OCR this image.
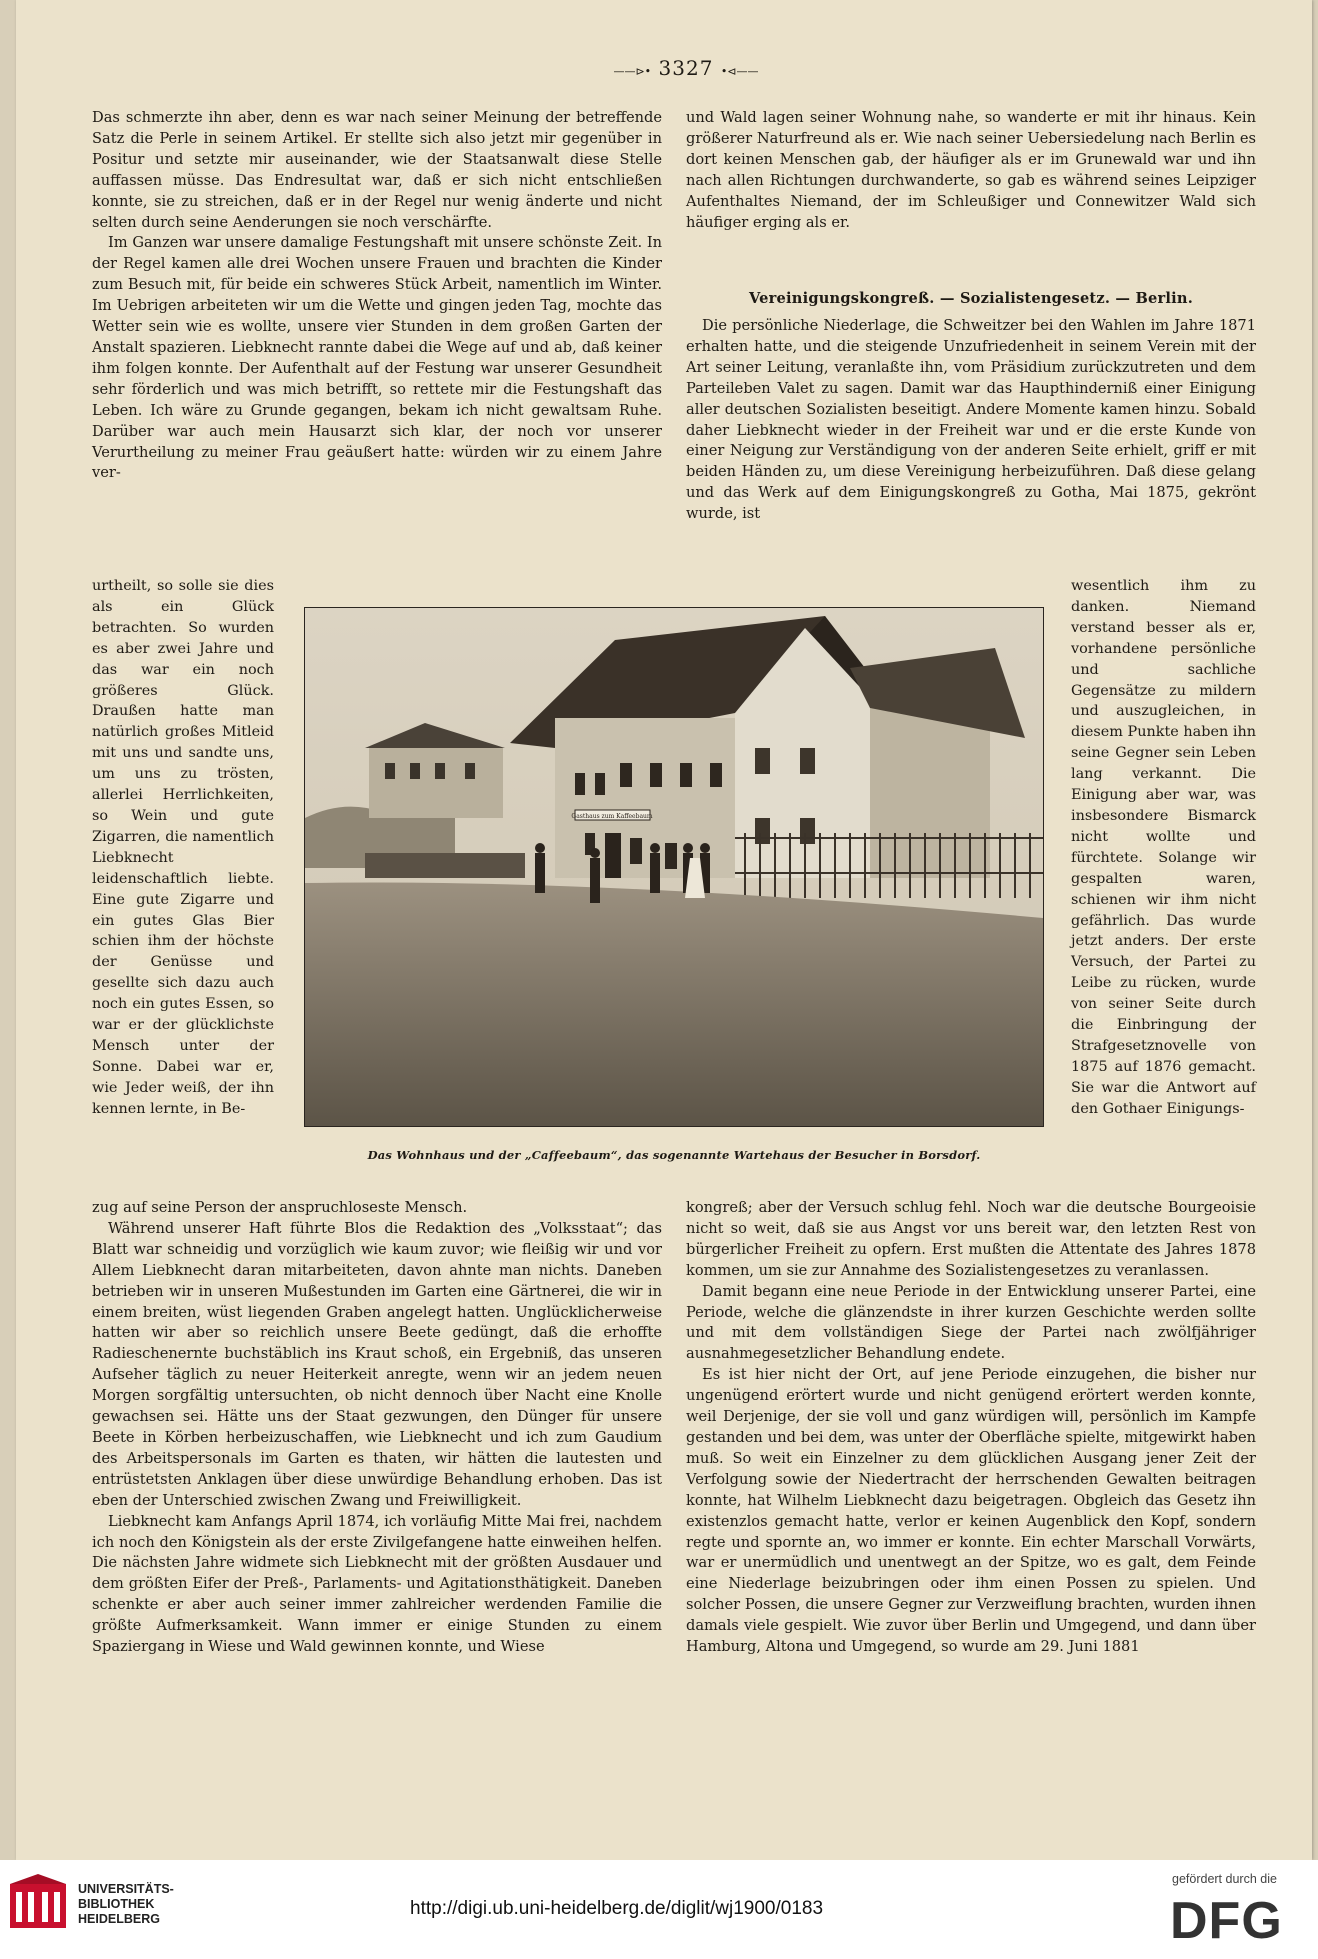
——⊳• 3327 •⊲——

Das schmerzte ihn aber, denn es war nach seiner Meinung der betreffende Satz die Perle in seinem Artikel. Er stellte sich also jetzt mir gegenüber in Positur und setzte mir auseinander, wie der Staatsanwalt diese Stelle auffassen müsse. Das Endresultat war, daß er sich nicht entschließen konnte, sie zu streichen, daß er in der Regel nur wenig änderte und nicht selten durch seine Aenderungen sie noch verschärfte.

Im Ganzen war unsere damalige Festungshaft mit unsere schönste Zeit. In der Regel kamen alle drei Wochen unsere Frauen und brachten die Kinder zum Besuch mit, für beide ein schweres Stück Arbeit, namentlich im Winter. Im Uebrigen arbeiteten wir um die Wette und gingen jeden Tag, mochte das Wetter sein wie es wollte, unsere vier Stunden in dem großen Garten der Anstalt spazieren. Liebknecht rannte dabei die Wege auf und ab, daß keiner ihm folgen konnte. Der Aufenthalt auf der Festung war unserer Gesundheit sehr förderlich und was mich betrifft, so rettete mir die Festungshaft das Leben. Ich wäre zu Grunde gegangen, bekam ich nicht gewaltsam Ruhe. Darüber war auch mein Hausarzt sich klar, der noch vor unserer Verurtheilung zu meiner Frau geäußert hatte: würden wir zu einem Jahre ver-

urtheilt, so solle sie dies als ein Glück betrachten. So wurden es aber zwei Jahre und das war ein noch größeres Glück. Draußen hatte man natürlich großes Mitleid mit uns und sandte uns, um uns zu trösten, allerlei Herrlichkeiten, so Wein und gute Zigarren, die namentlich Liebknecht leidenschaftlich liebte. Eine gute Zigarre und ein gutes Glas Bier schien ihm der höchste der Genüsse und gesellte sich dazu auch noch ein gutes Essen, so war er der glücklichste Mensch unter der Sonne. Dabei war er, wie Jeder weiß, der ihn kennen lernte, in Be-

zug auf seine Person der anspruchloseste Mensch.

Während unserer Haft führte Blos die Redaktion des „Volksstaat“; das Blatt war schneidig und vorzüglich wie kaum zuvor; wie fleißig wir und vor Allem Liebknecht daran mitarbeiteten, davon ahnte man nichts. Daneben betrieben wir in unseren Mußestunden im Garten eine Gärtnerei, die wir in einem breiten, wüst liegenden Graben angelegt hatten. Unglücklicherweise hatten wir aber so reichlich unsere Beete gedüngt, daß die erhoffte Radieschenernte buchstäblich ins Kraut schoß, ein Ergebniß, das unseren Aufseher täglich zu neuer Heiterkeit anregte, wenn wir an jedem neuen Morgen sorgfältig untersuchten, ob nicht dennoch über Nacht eine Knolle gewachsen sei. Hätte uns der Staat gezwungen, den Dünger für unsere Beete in Körben herbeizuschaffen, wie Liebknecht und ich zum Gaudium des Arbeitspersonals im Garten es thaten, wir hätten die lautesten und entrüstetsten Anklagen über diese unwürdige Behandlung erhoben. Das ist eben der Unterschied zwischen Zwang und Freiwilligkeit.

Liebknecht kam Anfangs April 1874, ich vorläufig Mitte Mai frei, nachdem ich noch den Königstein als der erste Zivilgefangene hatte einweihen helfen. Die nächsten Jahre widmete sich Liebknecht mit der größten Ausdauer und dem größten Eifer der Preß-, Parlaments- und Agitationsthätigkeit. Daneben schenkte er aber auch seiner immer zahlreicher werdenden Familie die größte Aufmerksamkeit. Wann immer er einige Stunden zu einem Spaziergang in Wiese und Wald gewinnen konnte, und Wiese

und Wald lagen seiner Wohnung nahe, so wanderte er mit ihr hinaus. Kein größerer Naturfreund als er. Wie nach seiner Uebersiedelung nach Berlin es dort keinen Menschen gab, der häufiger als er im Grunewald war und ihn nach allen Richtungen durchwanderte, so gab es während seines Leipziger Aufenthaltes Niemand, der im Schleußiger und Connewitzer Wald sich häufiger erging als er.

Vereinigungskongreß. — Sozialistengesetz. — Berlin.

Die persönliche Niederlage, die Schweitzer bei den Wahlen im Jahre 1871 erhalten hatte, und die steigende Unzufriedenheit in seinem Verein mit der Art seiner Leitung, veranlaßte ihn, vom Präsidium zurückzutreten und dem Parteileben Valet zu sagen. Damit war das Haupthinderniß einer Einigung aller deutschen Sozialisten beseitigt. Andere Momente kamen hinzu. Sobald daher Liebknecht wieder in der Freiheit war und er die erste Kunde von einer Neigung zur Verständigung von der anderen Seite erhielt, griff er mit beiden Händen zu, um diese Vereinigung herbeizuführen. Daß diese gelang und das Werk auf dem Einigungskongreß zu Gotha, Mai 1875, gekrönt wurde, ist

wesentlich ihm zu danken. Niemand verstand besser als er, vorhandene persönliche und sachliche Gegensätze zu mildern und auszugleichen, in diesem Punkte haben ihn seine Gegner sein Leben lang verkannt. Die Einigung aber war, was insbesondere Bismarck nicht wollte und fürchtete. Solange wir gespalten waren, schienen wir ihm nicht gefährlich. Das wurde jetzt anders. Der erste Versuch, der Partei zu Leibe zu rücken, wurde von seiner Seite durch die Einbringung der Strafgesetznovelle von 1875 auf 1876 gemacht. Sie war die Antwort auf den Gothaer Einigungs-

kongreß; aber der Versuch schlug fehl. Noch war die deutsche Bourgeoisie nicht so weit, daß sie aus Angst vor uns bereit war, den letzten Rest von bürgerlicher Freiheit zu opfern. Erst mußten die Attentate des Jahres 1878 kommen, um sie zur Annahme des Sozialistengesetzes zu veranlassen.

Damit begann eine neue Periode in der Entwicklung unserer Partei, eine Periode, welche die glänzendste in ihrer kurzen Geschichte werden sollte und mit dem vollständigen Siege der Partei nach zwölfjähriger ausnahmegesetzlicher Behandlung endete.

Es ist hier nicht der Ort, auf jene Periode einzugehen, die bisher nur ungenügend erörtert wurde und nicht genügend erörtert werden konnte, weil Derjenige, der sie voll und ganz würdigen will, persönlich im Kampfe gestanden und bei dem, was unter der Oberfläche spielte, mitgewirkt haben muß. So weit ein Einzelner zu dem glücklichen Ausgang jener Zeit der Verfolgung sowie der Niedertracht der herrschenden Gewalten beitragen konnte, hat Wilhelm Liebknecht dazu beigetragen. Obgleich das Gesetz ihn existenzlos gemacht hatte, verlor er keinen Augenblick den Kopf, sondern regte und spornte an, wo immer er konnte. Ein echter Marschall Vorwärts, war er unermüdlich und unentwegt an der Spitze, wo es galt, dem Feinde eine Niederlage beizubringen oder ihm einen Possen zu spielen. Und solcher Possen, die unsere Gegner zur Verzweiflung brachten, wurden ihnen damals viele gespielt. Wie zuvor über Berlin und Umgegend, und dann über Hamburg, Altona und Umgegend, so wurde am 29. Juni 1881

Gasthaus zum Kaffeebaum
Das Wohnhaus und der „Caffeebaum“, das sogenannte Wartehaus der Besucher in Borsdorf.
UNIVERSITÄTS-
BIBLIOTHEK
HEIDELBERG	http://digi.ub.uni-heidelberg.de/diglit/wj1900/0183
gefördert durch die
DFG
